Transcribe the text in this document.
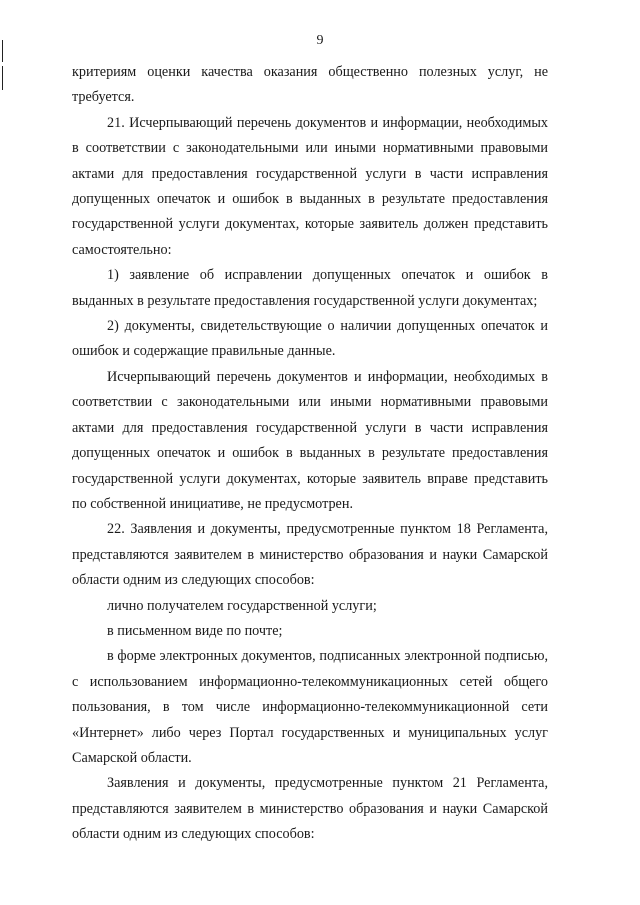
9

критериям оценки качества оказания общественно полезных услуг, не требуется.

21. Исчерпывающий перечень документов и информации, необходимых в соответствии с законодательными или иными нормативными правовыми актами для предоставления государственной услуги в части исправления допущенных опечаток и ошибок в выданных в результате предоставления государственной услуги документах, которые заявитель должен представить самостоятельно:

1) заявление об исправлении допущенных опечаток и ошибок в выданных в результате предоставления государственной услуги документах;

2) документы, свидетельствующие о наличии допущенных опечаток и ошибок и содержащие правильные данные.

Исчерпывающий перечень документов и информации, необходимых в соответствии с законодательными или иными нормативными правовыми актами для предоставления государственной услуги в части исправления допущенных опечаток и ошибок в выданных в результате предоставления государственной услуги документах, которые заявитель вправе представить по собственной инициативе, не предусмотрен.

22. Заявления и документы, предусмотренные пунктом 18 Регламента, представляются заявителем в министерство образования и науки Самарской области одним из следующих способов:

лично получателем государственной услуги;

в письменном виде по почте;

в форме электронных документов, подписанных электронной подписью, с использованием информационно-телекоммуникационных сетей общего пользования, в том числе информационно-телекоммуникационной сети «Интернет» либо через Портал государственных и муниципальных услуг Самарской области.

Заявления и документы, предусмотренные пунктом 21 Регламента, представляются заявителем в министерство образования и науки Самарской области одним из следующих способов:
